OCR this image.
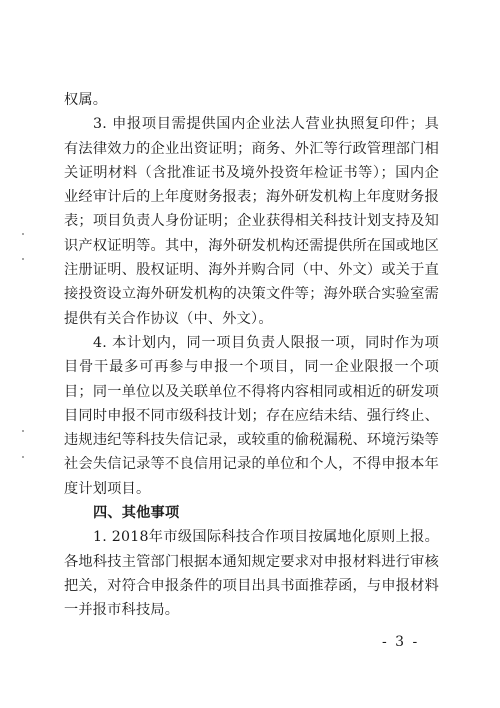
权属。

3. 申报项目需提供国内企业法人营业执照复印件；具有法律效力的企业出资证明；商务、外汇等行政管理部门相关证明材料（含批准证书及境外投资年检证书等）；国内企业经审计后的上年度财务报表；海外研发机构上年度财务报表；项目负责人身份证明；企业获得相关科技计划支持及知识产权证明等。其中，海外研发机构还需提供所在国或地区注册证明、股权证明、海外并购合同（中、外文）或关于直接投资设立海外研发机构的决策文件等；海外联合实验室需提供有关合作协议（中、外文）。

4. 本计划内，同一项目负责人限报一项，同时作为项目骨干最多可再参与申报一个项目，同一企业限报一个项目；同一单位以及关联单位不得将内容相同或相近的研发项目同时申报不同市级科技计划；存在应结未结、强行终止、违规违纪等科技失信记录，或较重的偷税漏税、环境污染等社会失信记录等不良信用记录的单位和个人，不得申报本年度计划项目。

四、其他事项

1. 2018年市级国际科技合作项目按属地化原则上报。各地科技主管部门根据本通知规定要求对申报材料进行审核把关，对符合申报条件的项目出具书面推荐函，与申报材料一并报市科技局。

- 3 -
